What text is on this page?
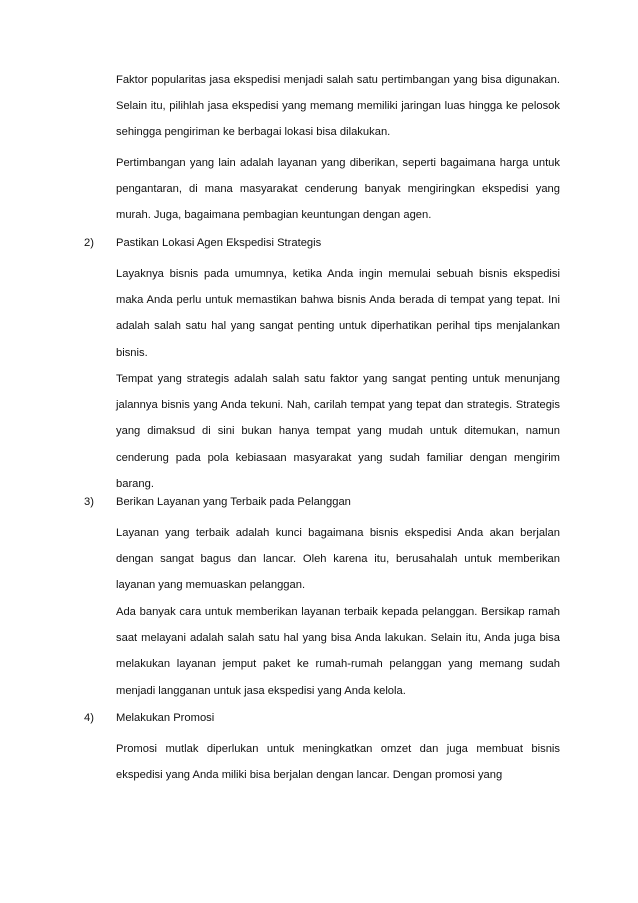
Faktor popularitas jasa ekspedisi menjadi salah satu pertimbangan yang bisa digunakan. Selain itu, pilihlah jasa ekspedisi yang memang memiliki jaringan luas hingga ke pelosok sehingga pengiriman ke berbagai lokasi bisa dilakukan.

Pertimbangan yang lain adalah layanan yang diberikan, seperti bagaimana harga untuk pengantaran, di mana masyarakat cenderung banyak mengiringkan ekspedisi yang murah. Juga, bagaimana pembagian keuntungan dengan agen.

2) Pastikan Lokasi Agen Ekspedisi Strategis

Layaknya bisnis pada umumnya, ketika Anda ingin memulai sebuah bisnis ekspedisi maka Anda perlu untuk memastikan bahwa bisnis Anda berada di tempat yang tepat. Ini adalah salah satu hal yang sangat penting untuk diperhatikan perihal tips menjalankan bisnis.

Tempat yang strategis adalah salah satu faktor yang sangat penting untuk menunjang jalannya bisnis yang Anda tekuni. Nah, carilah tempat yang tepat dan strategis. Strategis yang dimaksud di sini bukan hanya tempat yang mudah untuk ditemukan, namun cenderung pada pola kebiasaan masyarakat yang sudah familiar dengan mengirim barang.

3) Berikan Layanan yang Terbaik pada Pelanggan

Layanan yang terbaik adalah kunci bagaimana bisnis ekspedisi Anda akan berjalan dengan sangat bagus dan lancar. Oleh karena itu, berusahalah untuk memberikan layanan yang memuaskan pelanggan.

Ada banyak cara untuk memberikan layanan terbaik kepada pelanggan. Bersikap ramah saat melayani adalah salah satu hal yang bisa Anda lakukan. Selain itu, Anda juga bisa melakukan layanan jemput paket ke rumah-rumah pelanggan yang memang sudah menjadi langganan untuk jasa ekspedisi yang Anda kelola.

4) Melakukan Promosi

Promosi mutlak diperlukan untuk meningkatkan omzet dan juga membuat bisnis ekspedisi yang Anda miliki bisa berjalan dengan lancar. Dengan promosi yang
